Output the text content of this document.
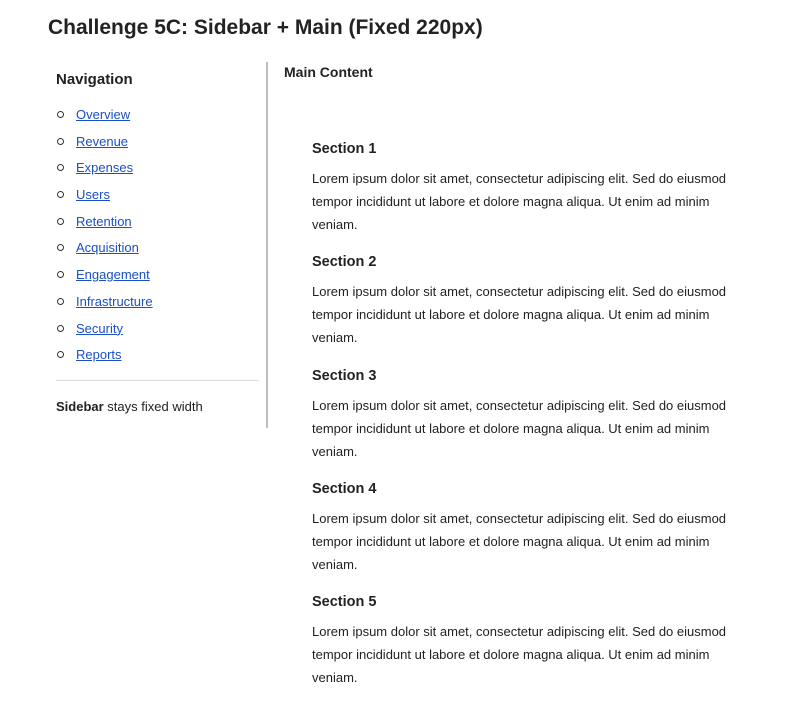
Challenge 5C: Sidebar + Main (Fixed 220px)
Navigation
Overview
Revenue
Expenses
Users
Retention
Acquisition
Engagement
Infrastructure
Security
Reports
Sidebar stays fixed width
Main Content
Section 1

Lorem ipsum dolor sit amet, consectetur adipiscing elit. Sed do eiusmod tempor incididunt ut labore et dolore magna aliqua. Ut enim ad minim veniam.

Section 2

Lorem ipsum dolor sit amet, consectetur adipiscing elit. Sed do eiusmod tempor incididunt ut labore et dolore magna aliqua. Ut enim ad minim veniam.

Section 3

Lorem ipsum dolor sit amet, consectetur adipiscing elit. Sed do eiusmod tempor incididunt ut labore et dolore magna aliqua. Ut enim ad minim veniam.

Section 4

Lorem ipsum dolor sit amet, consectetur adipiscing elit. Sed do eiusmod tempor incididunt ut labore et dolore magna aliqua. Ut enim ad minim veniam.

Section 5

Lorem ipsum dolor sit amet, consectetur adipiscing elit. Sed do eiusmod tempor incididunt ut labore et dolore magna aliqua. Ut enim ad minim veniam.
